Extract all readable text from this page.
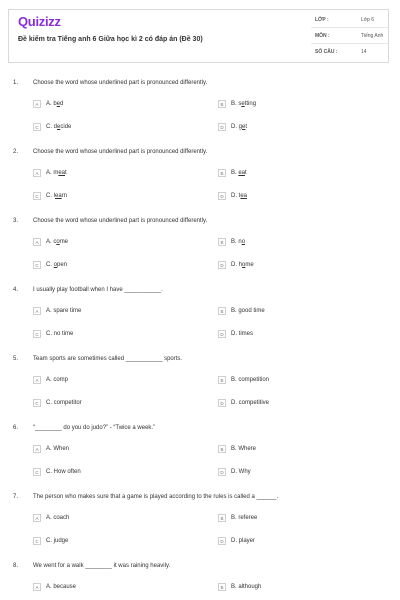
Quizizz
Đề kiểm tra Tiếng anh 6 Giữa học kì 2 có đáp án (Đề 30)
LỚP :	Lớp 6
MÔN :	Tiếng Anh
SỐ CÂU :	14
1. Choose the word whose underlined part is pronounced differently.
A	A. bed	B	B. setting
C	C. decide	D	D. get
2. Choose the word whose underlined part is pronounced differently.
A	A. meat	B	B. eat
C	C. learn	D	D. tea
3. Choose the word whose underlined part is pronounced differently.
A	A. come	B	B. no
C	C. open	D	D. home
4. I usually play football when I have ___________.
A	A. spare time	B	B. good time
C	C. no time	D	D. times
5. Team sports are sometimes called ___________ sports.
A	A. comp	B	B. competition
C	C. competitor	D	D. competitive
6. “________ do you do judo?” - “Twice a week.”
A	A. When	B	B. Where
C	C. How often	D	D. Why
7. The person who makes sure that a game is played according to the rules is called a ______.
A	A. coach	B	B. referee
C	C. judge	D	D. player
8. We went for a walk ________ it was raining heavily.
A	A. because	B	B. although
